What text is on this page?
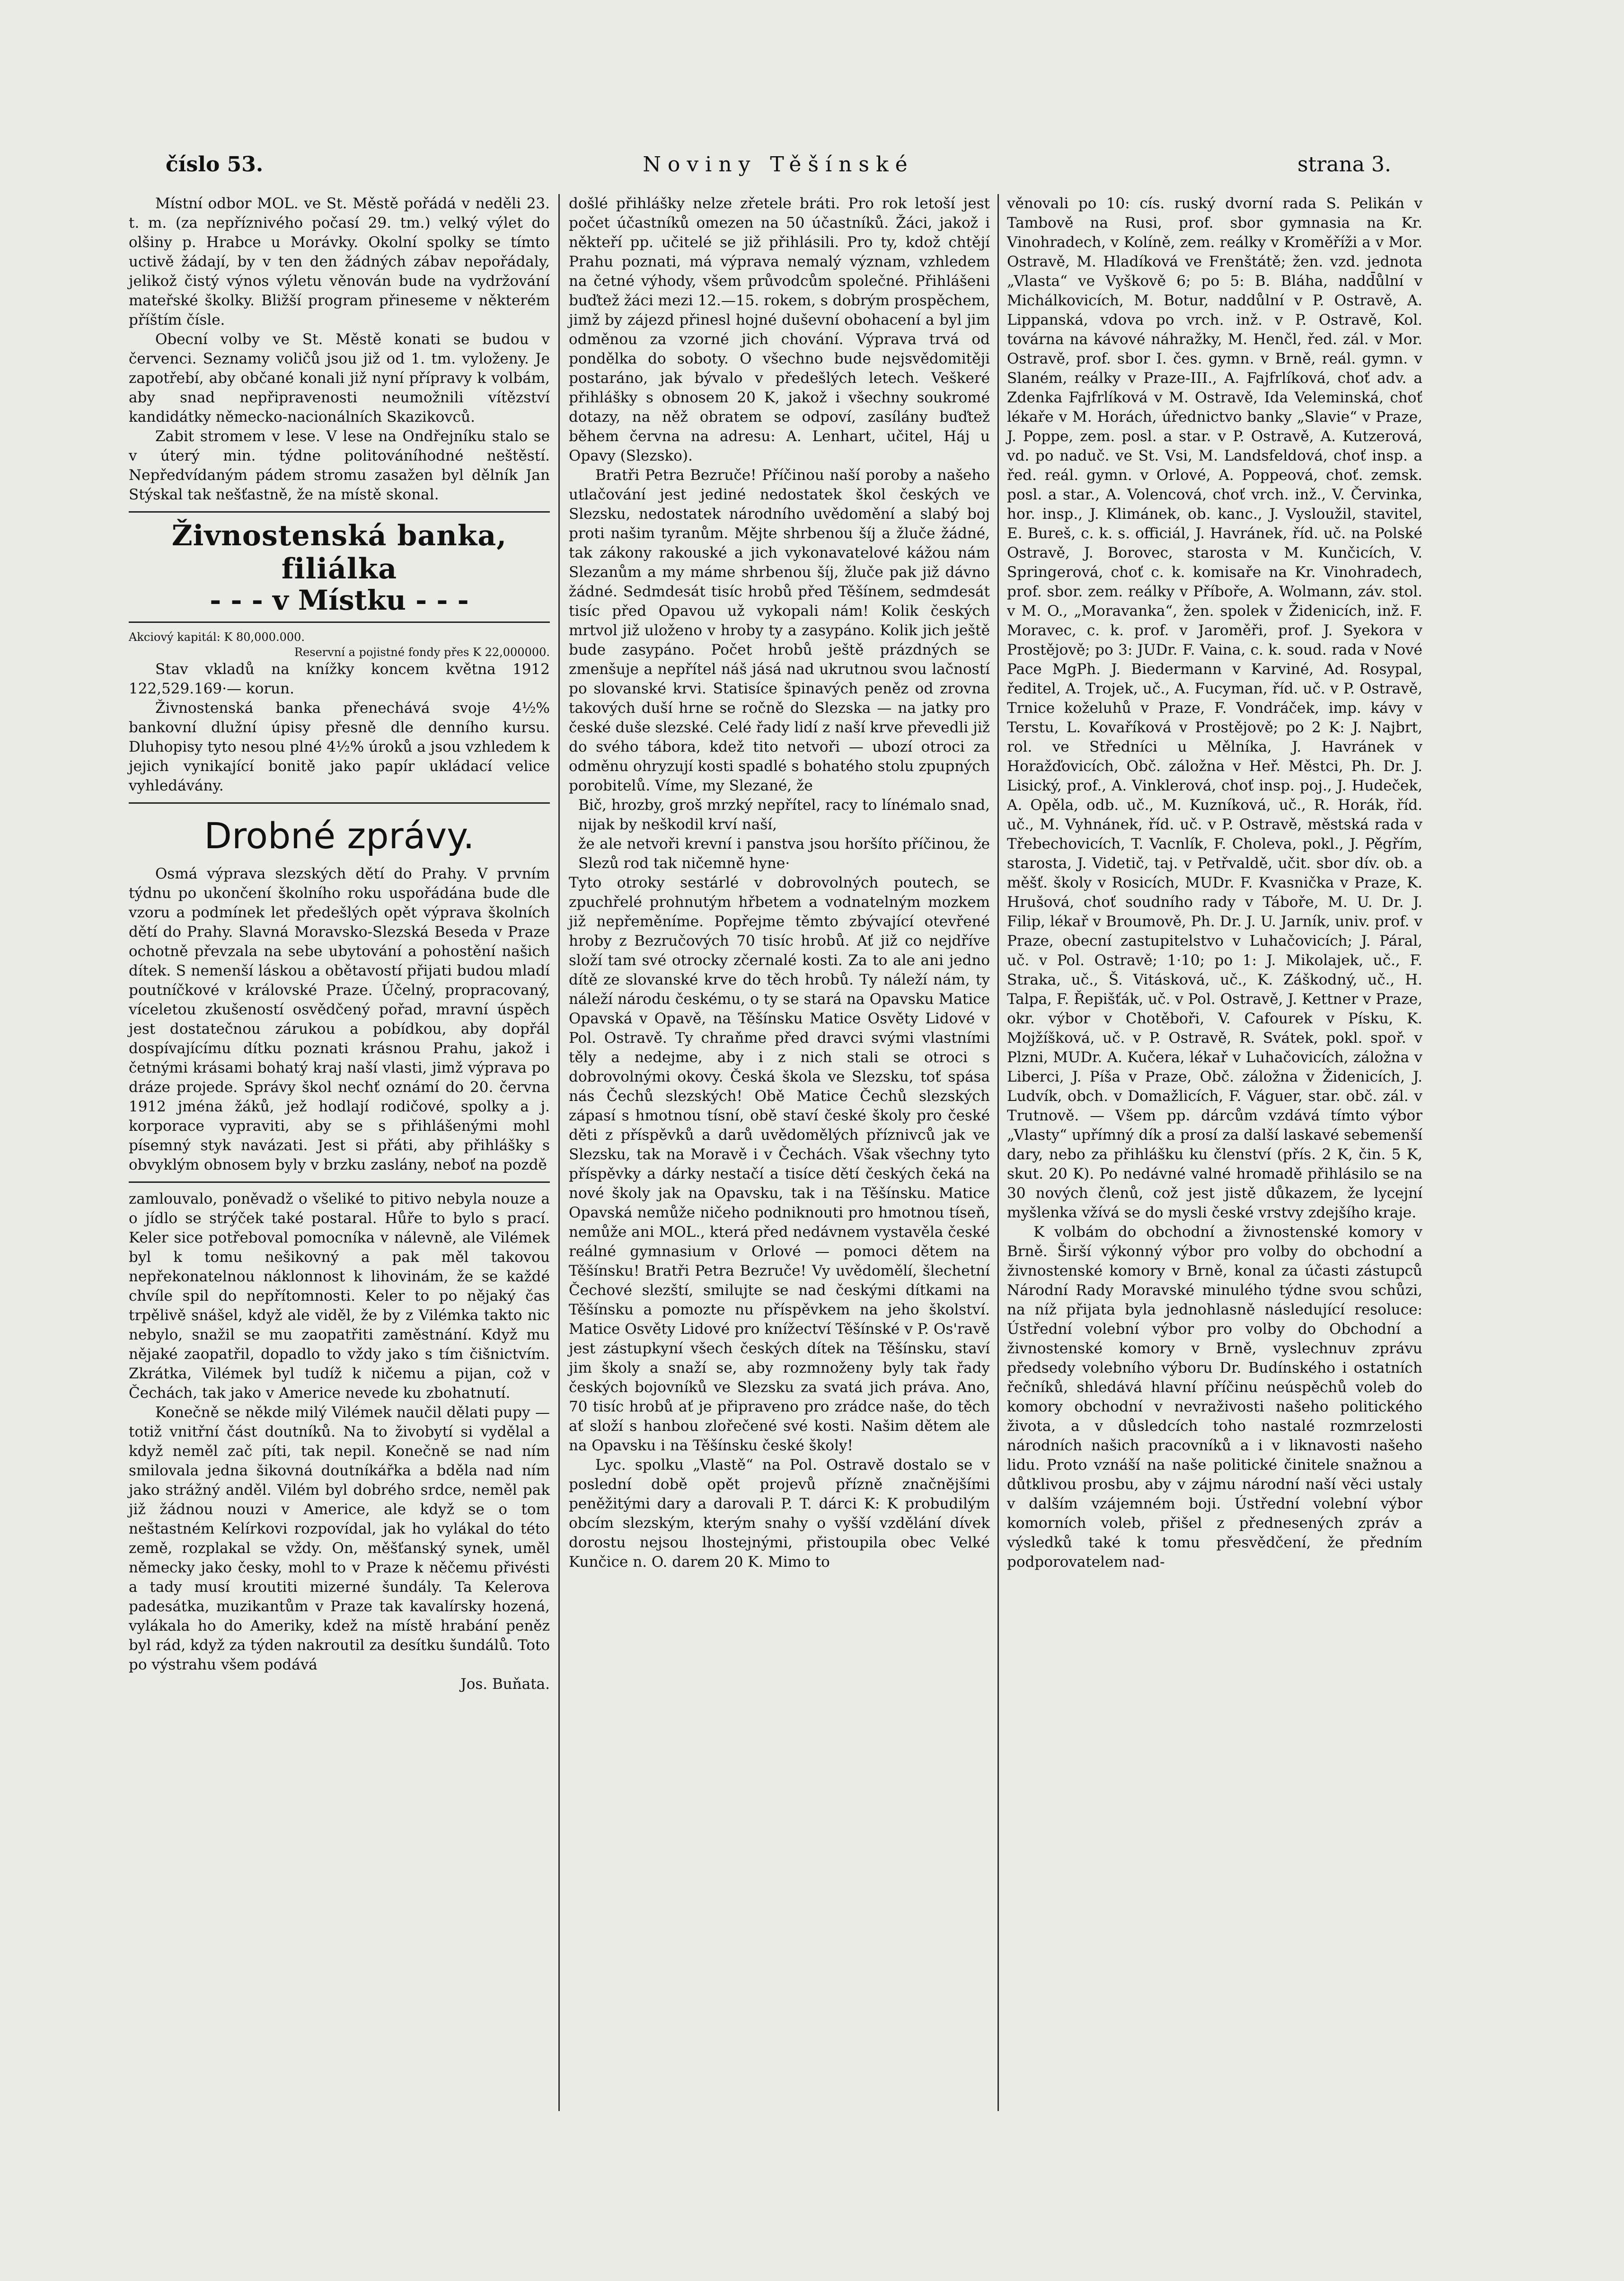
číslo 53.	Noviny Těšínské	strana 3.

Místní odbor MOL. ve St. Městě pořádá v neděli 23. t. m. (za nepříznivého počasí 29. tm.) velký výlet do olšiny p. Hrabce u Morávky. Okolní spolky se tímto uctivě žádají, by v ten den žádných zábav nepořádaly, jelikož čistý výnos výletu věnován bude na vydržování mateřské školky. Bližší program přineseme v některém příštím čísle.

Obecní volby ve St. Městě konati se budou v červenci. Seznamy voličů jsou již od 1. tm. vyloženy. Je zapotřebí, aby občané konali již nyní přípravy k volbám, aby snad nepřipravenosti neumožnili vítězství kandidátky německo-nacionálních Skazikovců.

Zabit stromem v lese. V lese na Ondřejníku stalo se v úterý min. týdne politováníhodné neštěstí. Nepředvídaným pádem stromu zasažen byl dělník Jan Stýskal tak nešťastně, že na místě skonal.

Živnostenská banka, filiálka
- - - v Místku - - -
Akciový kapitál: K 80,000.000.
Reservní a pojistné fondy přes K 22,000000.

Stav vkladů na knížky koncem května 1912 122,529.169·— korun.

Živnostenská banka přenechává svoje 4½% bankovní dlužní úpisy přesně dle denního kursu. Dluhopisy tyto nesou plné 4½% úroků a jsou vzhledem k jejich vynikající bonitě jako papír ukládací velice vyhledávány.

Drobné zprávy.

Osmá výprava slezských dětí do Prahy. V prvním týdnu po ukončení školního roku uspořádána bude dle vzoru a podmínek let předešlých opět výprava školních dětí do Prahy. Slavná Moravsko-Slezská Beseda v Praze ochotně převzala na sebe ubytování a pohostění našich dítek. S nemenší láskou a obětavostí přijati budou mladí poutníčkové v královské Praze. Účelný, propracovaný, víceletou zkušeností osvědčený pořad, mravní úspěch jest dostatečnou zárukou a pobídkou, aby dopřál dospívajícímu dítku poznati krásnou Prahu, jakož i četnými krásami bohatý kraj naší vlasti, jimž výprava po dráze projede. Správy škol nechť oznámí do 20. června 1912 jména žáků, jež hodlají rodičové, spolky a j. korporace vypraviti, aby se s přihlášenými mohl písemný styk navázati. Jest si přáti, aby přihlášky s obvyklým obnosem byly v brzku zaslány, neboť na pozdě

zamlouvalo, poněvadž o všeliké to pitivo nebyla nouze a o jídlo se strýček také postaral. Hůře to bylo s prací. Keler sice potřeboval pomocníka v nálevně, ale Vilémek byl k tomu nešikovný a pak měl takovou nepřekonatelnou náklonnost k lihovinám, že se každé chvíle spil do nepřítomnosti. Keler to po nějaký čas trpělivě snášel, když ale viděl, že by z Vilémka takto nic nebylo, snažil se mu zaopatřiti zaměstnání. Když mu nějaké zaopatřil, dopadlo to vždy jako s tím čišnictvím. Zkrátka, Vilémek byl tudíž k ničemu a pijan, což v Čechách, tak jako v Americe nevede ku zbohatnutí.

Konečně se někde milý Vilémek naučil dělati pupy — totiž vnitřní část doutníků. Na to živobytí si vydělal a když neměl zač píti, tak nepil. Konečně se nad ním smilovala jedna šikovná doutníkářka a bděla nad ním jako strážný anděl. Vilém byl dobrého srdce, neměl pak již žádnou nouzi v Americe, ale když se o tom neštastném Kelírkovi rozpovídal, jak ho vylákal do této země, rozplakal se vždy. On, měšťanský synek, uměl německy jako česky, mohl to v Praze k něčemu přivésti a tady musí kroutiti mizerné šundály. Ta Kelerova padesátka, muzikantům v Praze tak kavalírsky hozená, vylákala ho do Ameriky, kdež na místě hrabání peněz byl rád, když za týden nakroutil za desítku šundálů. Toto po výstrahu všem podává

Jos. Buňata.

došlé přihlášky nelze zřetele bráti. Pro rok letoší jest počet účastníků omezen na 50 účastníků. Žáci, jakož i někteří pp. učitelé se již přihlásili. Pro ty, kdož chtějí Prahu poznati, má výprava nemalý význam, vzhledem na četné výhody, všem průvodcům společné. Přihlášeni buďtež žáci mezi 12.—15. rokem, s dobrým prospěchem, jimž by zájezd přinesl hojné duševní obohacení a byl jim odměnou za vzorné jich chování. Výprava trvá od pondělka do soboty. O všechno bude nejsvědomitěji postaráno, jak bývalo v předešlých letech. Veškeré přihlášky s obnosem 20 K, jakož i všechny soukromé dotazy, na něž obratem se odpoví, zasílány buďtež během června na adresu: A. Lenhart, učitel, Háj u Opavy (Slezsko).

Bratři Petra Bezruče! Příčinou naší poroby a našeho utlačování jest jediné nedostatek škol českých ve Slezsku, nedostatek národního uvědomění a slabý boj proti našim tyranům. Mějte shrbenou šíj a žluče žádné, tak zákony rakouské a jich vykonavatelové kážou nám Slezanům a my máme shrbenou šíj, žluče pak již dávno žádné. Sedmdesát tisíc hrobů před Těšínem, sedmdesát tisíc před Opavou už vykopali nám! Kolik českých mrtvol již uloženo v hroby ty a zasypáno. Kolik jich ještě bude zasypáno. Počet hrobů ještě prázdných se zmenšuje a nepřítel náš jásá nad ukrutnou svou lačností po slovanské krvi. Statisíce špinavých peněz od zrovna takových duší hrne se ročně do Slezska — na jatky pro české duše slezské. Celé řady lidí z naší krve převedli již do svého tábora, kdež tito netvoři — ubozí otroci za odměnu ohryzují kosti spadlé s bohatého stolu zpupných porobitelů. Víme, my Slezané, že

Bič, hrozby, groš mrzký nepřítel, racy to línémalo snad, nijak by neškodil krví naší,

že ale netvoři krevní i panstva jsou horšíto příčinou, že Slezů rod tak ničemně hyne·

Tyto otroky sestárlé v dobrovolných poutech, se zpuchřelé prohnutým hřbetem a vodnatelným mozkem již nepřeměníme. Popřejme těmto zbývající otevřené hroby z Bezručových 70 tisíc hrobů. Ať již co nejdříve složí tam své otrocky zčernalé kosti. Za to ale ani jedno dítě ze slovanské krve do těch hrobů. Ty náleží nám, ty náleží národu českému, o ty se stará na Opavsku Matice Opavská v Opavě, na Těšínsku Matice Osvěty Lidové v Pol. Ostravě. Ty chraňme před dravci svými vlastními těly a nedejme, aby i z nich stali se otroci s dobrovolnými okovy. Česká škola ve Slezsku, toť spása nás Čechů slezských! Obě Matice Čechů slezských zápasí s hmotnou tísní, obě staví české školy pro české děti z příspěvků a darů uvědomělých příznivců jak ve Slezsku, tak na Moravě i v Čechách. Však všechny tyto příspěvky a dárky nestačí a tisíce dětí českých čeká na nové školy jak na Opavsku, tak i na Těšínsku. Matice Opavská nemůže ničeho podniknouti pro hmotnou tíseň, nemůže ani MOL., která před nedávnem vystavěla české reálné gymnasium v Orlové — pomoci dětem na Těšínsku! Bratři Petra Bezruče! Vy uvědomělí, šlechetní Čechové slezští, smilujte se nad českými dítkami na Těšínsku a pomozte nu příspěvkem na jeho školství. Matice Osvěty Lidové pro knížectví Těšínské v P. Os'ravě jest zástupkyní všech českých dítek na Těšínsku, staví jim školy a snaží se, aby rozmnoženy byly tak řady českých bojovníků ve Slezsku za svatá jich práva. Ano, 70 tisíc hrobů ať je připraveno pro zrádce naše, do těch ať složí s hanbou zlořečené své kosti. Našim dětem ale na Opavsku i na Těšínsku české školy!

Lyc. spolku „Vlastě“ na Pol. Ostravě dostalo se v poslední době opět projevů přízně značnějšími peněžitými dary a darovali P. T. dárci K: K probudilým obcím slezským, kterým snahy o vyšší vzdělání dívek dorostu nejsou lhostejnými, přistoupila obec Velké Kunčice n. O. darem 20 K. Mimo to

věnovali po 10: cís. ruský dvorní rada S. Pelikán v Tambově na Rusi, prof. sbor gymnasia na Kr. Vinohradech, v Kolíně, zem. reálky v Kroměříži a v Mor. Ostravě, M. Hladíková ve Frenštátě; žen. vzd. jednota „Vlasta“ ve Vyškově 6; po 5: B. Bláha, nadd̄ůlní v Michálkovicích, M. Botur, naddůlní v P. Ostravě, A. Lippanská, vdova po vrch. inž. v P. Ostravě, Kol. továrna na kávové náhražky, M. Henčl, řed. zál. v Mor. Ostravě, prof. sbor I. čes. gymn. v Brně, reál. gymn. v Slaném, reálky v Praze-III., A. Fajfrlíková, choť adv. a Zdenka Fajfrlíková v M. Ostravě, Ida Veleminská, choť lékaře v M. Horách, úřednictvo banky „Slavie“ v Praze, J. Poppe, zem. posl. a star. v P. Ostravě, A. Kutzerová, vd. po naduč. ve St. Vsi, M. Landsfeldová, choť insp. a řed. reál. gymn. v Orlové, A. Poppeová, choť. zemsk. posl. a star., A. Volencová, choť vrch. inž., V. Červinka, hor. insp., J. Klimánek, ob. kanc., J. Vysloužil, stavitel, E. Bureš, c. k. s. officiál, J. Havránek, říd. uč. na Polské Ostravě, J. Borovec, starosta v M. Kunčicích, V. Springerová, choť c. k. komisaře na Kr. Vinohradech, prof. sbor. zem. reálky v Příboře, A. Wolmann, záv. stol. v M. O., „Moravanka“, žen. spolek v Židenicích, inž. F. Moravec, c. k. prof. v Jaroměři, prof. J. Syekora v Prostějově; po 3: JUDr. F. Vaina, c. k. soud. rada v Nové Pace MgPh. J. Biedermann v Karviné, Ad. Rosypal, ředitel, A. Trojek, uč., A. Fucyman, říd. uč. v P. Ostravě, Trnice koželuhů v Praze, F. Vondráček, imp. kávy v Terstu, L. Kovaříková v Prostějově; po 2 K: J. Najbrt, rol. ve Středníci u Mělníka, J. Havránek v Horažďovicích, Obč. záložna v Heř. Městci, Ph. Dr. J. Lisický, prof., A. Vinklerová, choť insp. poj., J. Hudeček, A. Opěla, odb. uč., M. Kuzníková, uč., R. Horák, říd. uč., M. Vyhnánek, říd. uč. v P. Ostravě, městská rada v Třebechovicích, T. Vacnlík, F. Choleva, pokl., J. Pěgřím, starosta, J. Videtič, taj. v Petřvaldě, učit. sbor dív. ob. a měšť. školy v Rosicích, MUDr. F. Kvasnička v Praze, K. Hrušová, choť soudního rady v Táboře, M. U. Dr. J. Filip, lékař v Broumově, Ph. Dr. J. U. Jarník, univ. prof. v Praze, obecní zastupitelstvo v Luhačovicích; J. Páral, uč. v Pol. Ostravě; 1·10; po 1: J. Mikolajek, uč., F. Straka, uč., Š. Vitásková, uč., K. Záškodný, uč., H. Talpa, F. Řepišťák, uč. v Pol. Ostravě, J. Kettner v Praze, okr. výbor v Chotěboři, V. Cafourek v Písku, K. Mojžíšková, uč. v P. Ostravě, R. Svátek, pokl. spoř. v Plzni, MUDr. A. Kučera, lékař v Luhačovicích, záložna v Liberci, J. Píša v Praze, Obč. záložna v Židenicích, J. Ludvík, obch. v Domažlicích, F. Váguer, star. obč. zál. v Trutnově. — Všem pp. dárcům vzdává tímto výbor „Vlasty“ upřímný dík a prosí za další laskavé sebemenší dary, nebo za přihlášku ku členství (přís. 2 K, čin. 5 K, skut. 20 K). Po nedávné valné hromadě přihlásilo se na 30 nových členů, což jest jistě důkazem, že lycejní myšlenka vžívá se do mysli české vrstvy zdejšího kraje.

K volbám do obchodní a živnostenské komory v Brně. Širší výkonný výbor pro volby do obchodní a živnostenské komory v Brně, konal za účasti zástupců Národní Rady Moravské minulého týdne svou schůzi, na níž přijata byla jednohlasně následující resoluce: Ústřední volební výbor pro volby do Obchodní a živnostenské komory v Brně, vyslechnuv zprávu předsedy volebního výboru Dr. Budínského i ostatních řečníků, shledává hlavní příčinu neúspěchů voleb do komory obchodní v nevraživosti našeho politického života, a v důsledcích toho nastalé rozmrzelosti národních našich pracovníků a i v liknavosti našeho lidu. Proto vznáší na naše politické činitele snažnou a důtklivou prosbu, aby v zájmu národní naší věci ustaly v dalším vzájemném boji. Ústřední volební výbor komorních voleb, přišel z přednesených zpráv a výsledků také k tomu přesvědčení, že předním podporovatelem nad-
